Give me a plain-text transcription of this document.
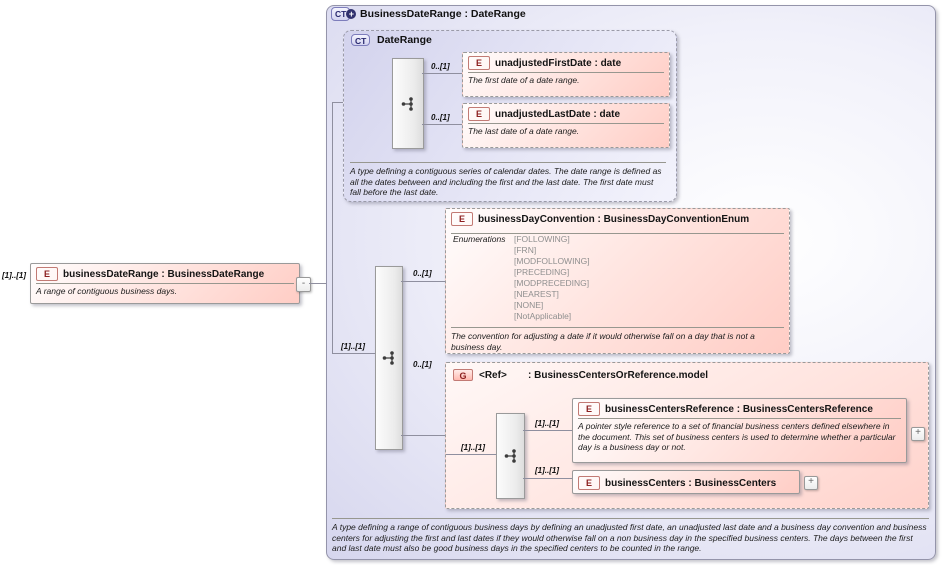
[1]..[1]	E	businessDateRange : BusinessDateRange
A range of contiguous business days.
-
CT + BusinessDateRange : DateRange
[1]..[1]
A type defining a contiguous series of calendar dates. The date range is defined as all the dates between and including the first and the last date. The first date must fall before the last date.
CT	DateRange
0..[1]
0..[1]
E	unadjustedFirstDate : date
The first date of a date range.
E	unadjustedLastDate : date
The last date of a date range.
0..[1]
0..[1]
E	businessDayConvention : BusinessDayConventionEnum
Enumerations	[FOLLOWING]
[FRN]
[MODFOLLOWING]
[PRECEDING]
[MODPRECEDING]
[NEAREST]
[NONE]
[NotApplicable]
The convention for adjusting a date if it would otherwise fall on a day that is not a business day.
G	<Ref> : BusinessCentersOrReference.model
[1]..[1]
[1]..[1]
[1]..[1]
E	businessCentersReference : BusinessCentersReference
A pointer style reference to a set of financial business centers defined elsewhere in the document. This set of business centers is used to determine whether a particular day is a business day or not.
+
E	businessCenters : BusinessCenters	+
A type defining a range of contiguous business days by defining an unadjusted first date, an unadjusted last date and a business day convention and business centers for adjusting the first and last dates if they would otherwise fall on a non business day in the specified business centers. The days between the first and last date must also be good business days in the specified centers to be counted in the range.
